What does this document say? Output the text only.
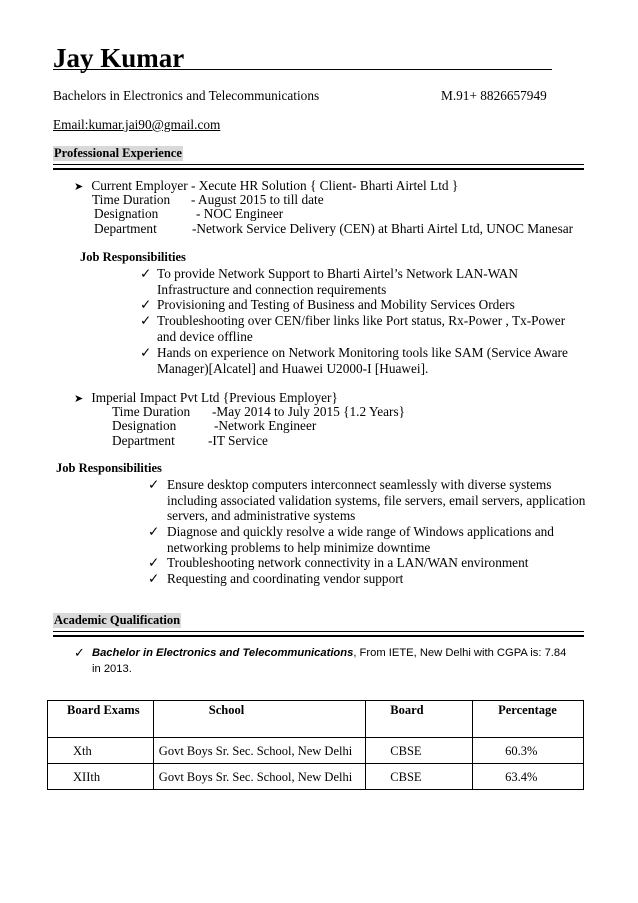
Jay Kumar
Bachelors in Electronics and Telecommunications	M.91+ 8826657949
Email:kumar.jai90@gmail.com
Professional Experience
➤ Current Employer - Xecute HR Solution { Client- Bharti Airtel Ltd }
Time Duration - August 2015 to till date
Designation	- NOC Engineer
Department	-Network Service Delivery (CEN) at Bharti Airtel Ltd, UNOC Manesar
Job Responsibilities
✓ To provide Network Support to Bharti Airtel’s Network LAN-WAN Infrastructure and connection requirements
✓ Provisioning and Testing of Business and Mobility Services Orders
✓ Troubleshooting over CEN/fiber links like Port status, Rx-Power , Tx-Power and device offline
✓ Hands on experience on Network Monitoring tools like SAM (Service Aware Manager)[Alcatel] and Huawei U2000-I [Huawei].
➤ Imperial Impact Pvt Ltd {Previous Employer}
Time Duration -May 2014 to July 2015 {1.2 Years}
Designation	-Network Engineer
Department -IT Service
Job Responsibilities
✓ Ensure desktop computers interconnect seamlessly with diverse systems including associated validation systems, file servers, email servers, application servers, and administrative systems
✓ Diagnose and quickly resolve a wide range of Windows applications and networking problems to help minimize downtime
✓ Troubleshooting network connectivity in a LAN/WAN environment
✓ Requesting and coordinating vendor support
Academic Qualification
✓ Bachelor in Electronics and Telecommunications, From IETE, New Delhi with CGPA is: 7.84 in 2013.
Board Exams	School	Board	Percentage

Xth	Govt Boys Sr. Sec. School, New Delhi	CBSE	60.3%

XIIth	Govt Boys Sr. Sec. School, New Delhi	CBSE	63.4%
